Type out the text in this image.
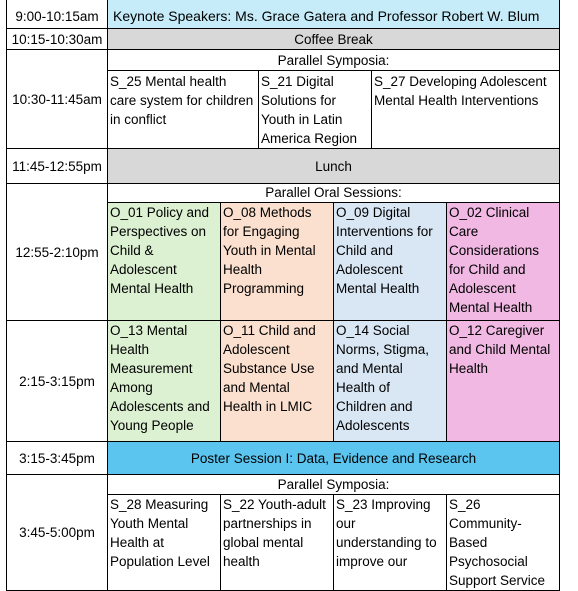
9:00-10:15am	Keynote Speakers: Ms. Grace Gatera and Professor Robert W. Blum					
10:15-10:30am	Coffee Break					
10:30-11:45am	Parallel Symposia:					
	S_25 Mental health care system for children in conflict		S_21 Digital Solutions for Youth in Latin America Region		S_27 Developing Adolescent Mental Health Interventions	
11:45-12:55pm	Lunch					
12:55-2:10pm	Parallel Oral Sessions:					
	O_01 Policy and Perspectives on Child & Adolescent Mental Health	O_08 Methods for Engaging Youth in Mental Health Programming		O_09 Digital Interventions for Child and Adolescent Mental Health		O_02 Clinical Care Considerations for Child and Adolescent Mental Health
2:15-3:15pm	O_13 Mental Health Measurement Among Adolescents and Young People	O_11 Child and Adolescent Substance Use and Mental Health in LMIC		O_14 Social Norms, Stigma, and Mental Health of Children and Adolescents		O_12 Caregiver and Child Mental Health
3:15-3:45pm	Poster Session I: Data, Evidence and Research					
3:45-5:00pm	Parallel Symposia:					
	S_28 Measuring Youth Mental Health at Population Level	S_22 Youth-adult partnerships in global mental health		S_23 Improving our understanding to improve our		S_26 Community-Based Psychosocial Support Service
